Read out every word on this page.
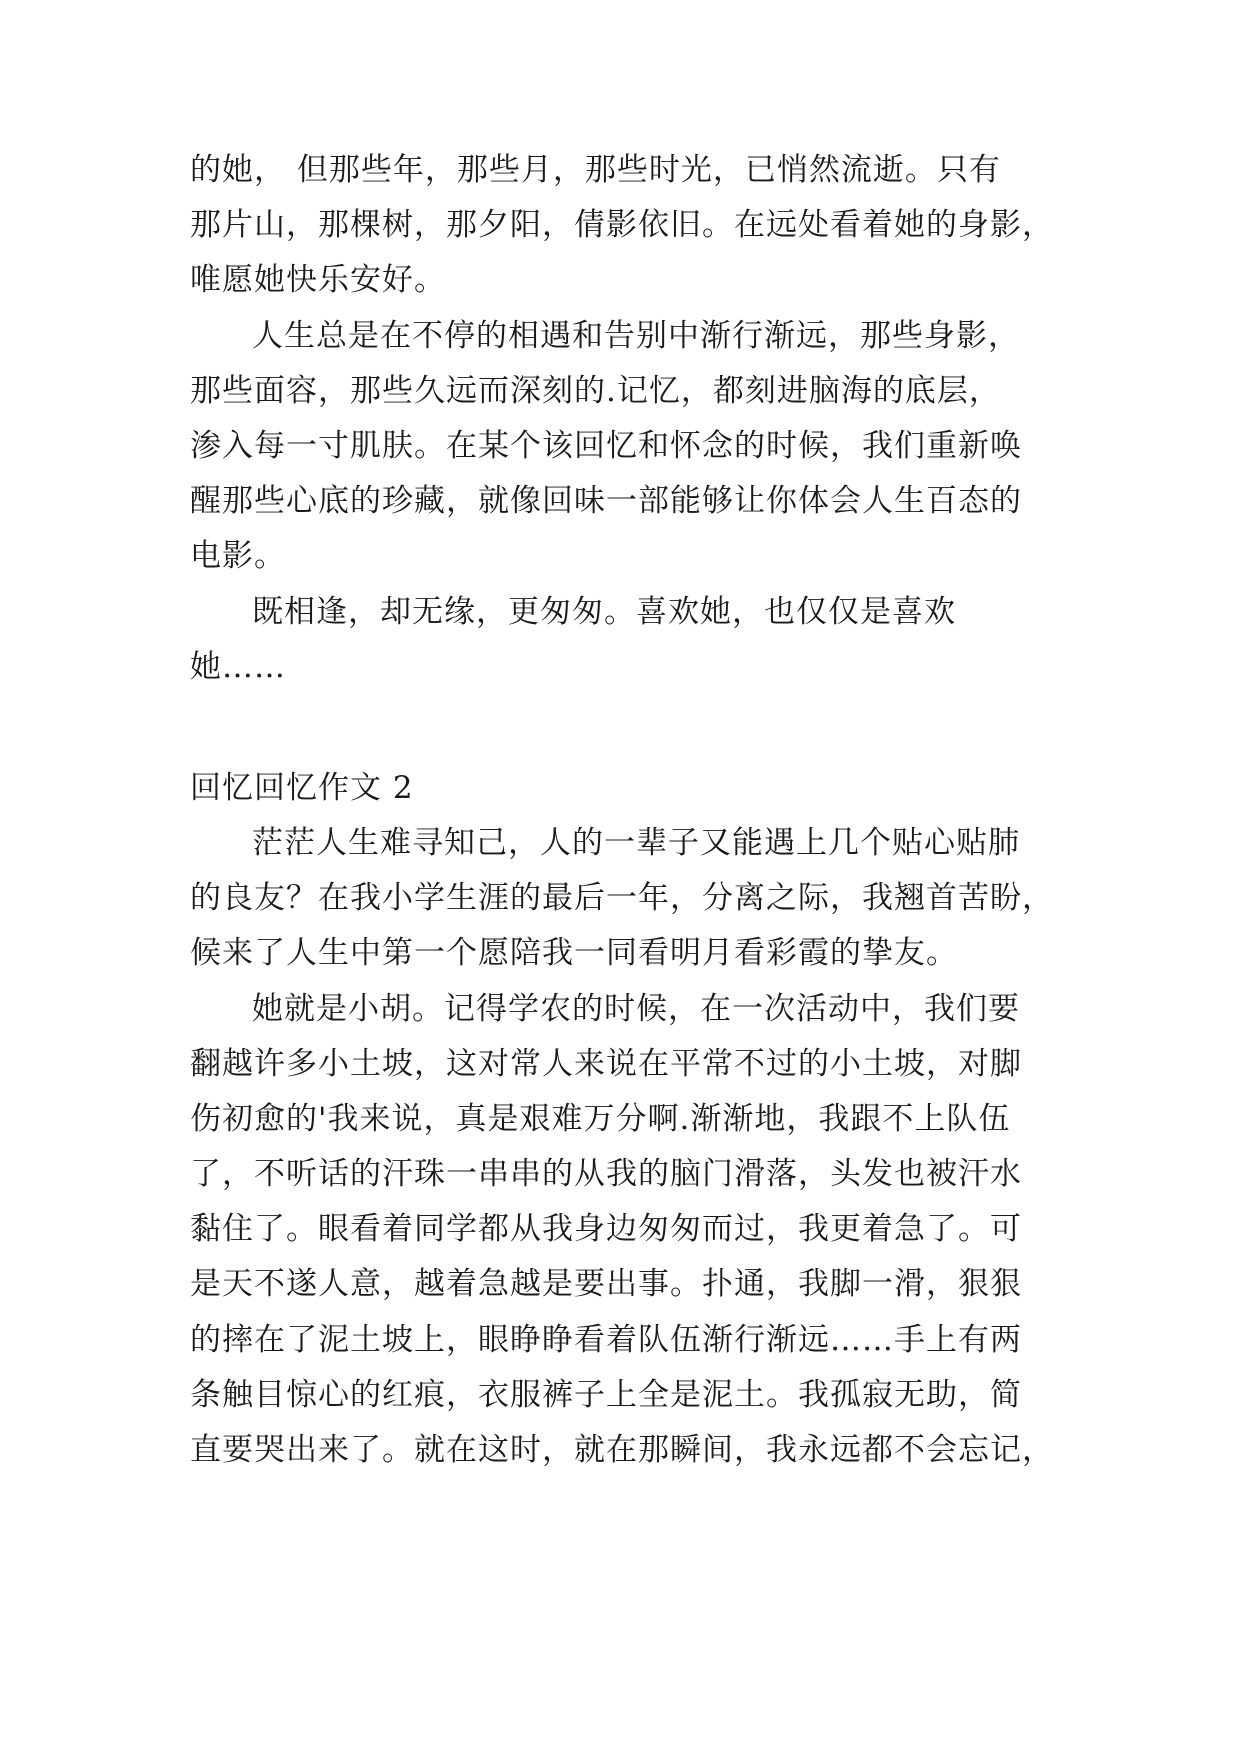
的她， 但那些年，那些月，那些时光，已悄然流逝。只有
那片山，那棵树，那夕阳，倩影依旧。在远处看着她的身影，
唯愿她快乐安好。
人生总是在不停的相遇和告别中渐行渐远，那些身影，
那些面容，那些久远而深刻的.记忆，都刻进脑海的底层，
渗入每一寸肌肤。在某个该回忆和怀念的时候，我们重新唤
醒那些心底的珍藏，就像回味一部能够让你体会人生百态的
电影。
既相逢，却无缘，更匆匆。喜欢她，也仅仅是喜欢
她……
回忆回忆作文 2
茫茫人生难寻知己，人的一辈子又能遇上几个贴心贴肺
的良友？在我小学生涯的最后一年，分离之际，我翘首苦盼，
候来了人生中第一个愿陪我一同看明月看彩霞的挚友。
她就是小胡。记得学农的时候，在一次活动中，我们要
翻越许多小土坡，这对常人来说在平常不过的小土坡，对脚
伤初愈的'我来说，真是艰难万分啊.渐渐地，我跟不上队伍
了，不听话的汗珠一串串的从我的脑门滑落，头发也被汗水
黏住了。眼看着同学都从我身边匆匆而过，我更着急了。可
是天不遂人意，越着急越是要出事。扑通，我脚一滑，狠狠
的摔在了泥土坡上，眼睁睁看着队伍渐行渐远……手上有两
条触目惊心的红痕，衣服裤子上全是泥土。我孤寂无助，简
直要哭出来了。就在这时，就在那瞬间，我永远都不会忘记，
